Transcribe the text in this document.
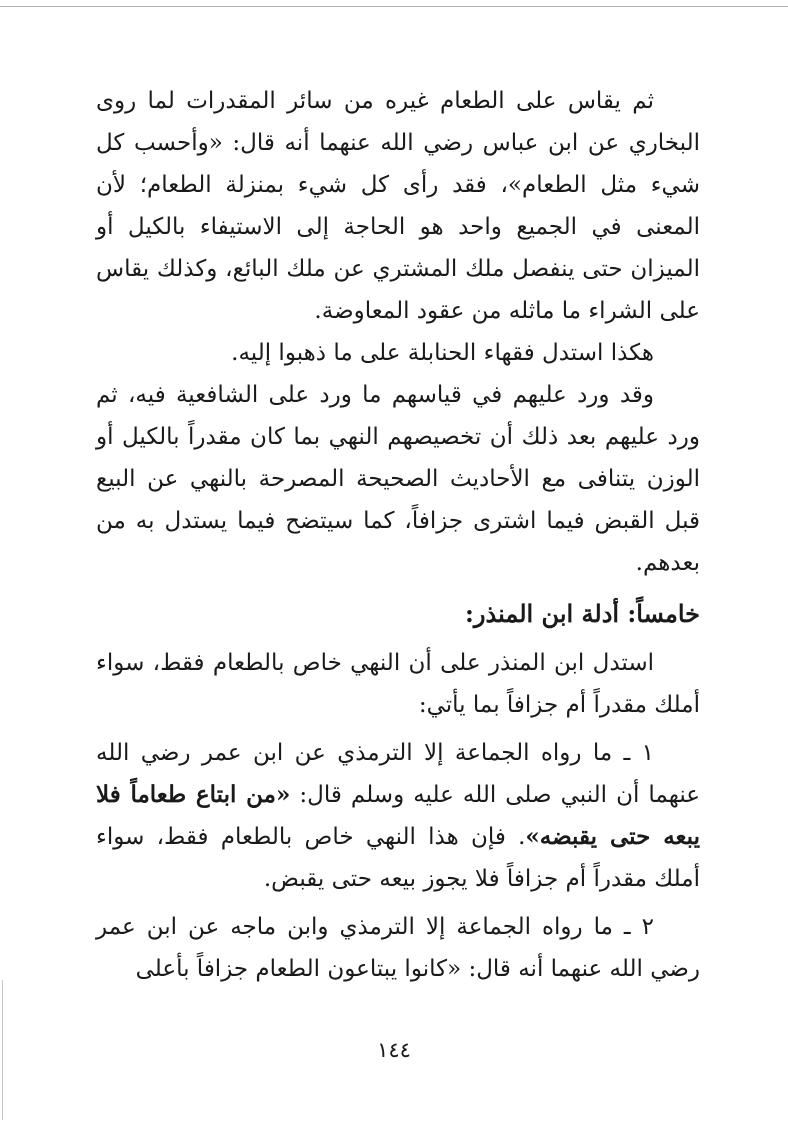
ثم يقاس على الطعام غيره من سائر المقدرات لما روى البخاري عن ابن عباس رضي الله عنهما أنه قال: «وأحسب كل شيء مثل الطعام»، فقد رأى كل شيء بمنزلة الطعام؛ لأن المعنى في الجميع واحد هو الحاجة إلى الاستيفاء بالكيل أو الميزان حتى ينفصل ملك المشتري عن ملك البائع، وكذلك يقاس على الشراء ما ماثله من عقود المعاوضة.

هكذا استدل فقهاء الحنابلة على ما ذهبوا إليه.

وقد ورد عليهم في قياسهم ما ورد على الشافعية فيه، ثم ورد عليهم بعد ذلك أن تخصيصهم النهي بما كان مقدراً بالكيل أو الوزن يتنافى مع الأحاديث الصحيحة المصرحة بالنهي عن البيع قبل القبض فيما اشترى جزافاً، كما سيتضح فيما يستدل به من بعدهم.

خامساً: أدلة ابن المنذر:

استدل ابن المنذر على أن النهي خاص بالطعام فقط، سواء أملك مقدراً أم جزافاً بما يأتي:

١ ـ ما رواه الجماعة إلا الترمذي عن ابن عمر رضي الله عنهما أن النبي صلى الله عليه وسلم قال: «من ابتاع طعاماً فلا يبعه حتى يقبضه». فإن هذا النهي خاص بالطعام فقط، سواء أملك مقدراً أم جزافاً فلا يجوز بيعه حتى يقبض.

٢ ـ ما رواه الجماعة إلا الترمذي وابن ماجه عن ابن عمر رضي الله عنهما أنه قال: «كانوا يبتاعون الطعام جزافاً بأعلى

١٤٤
